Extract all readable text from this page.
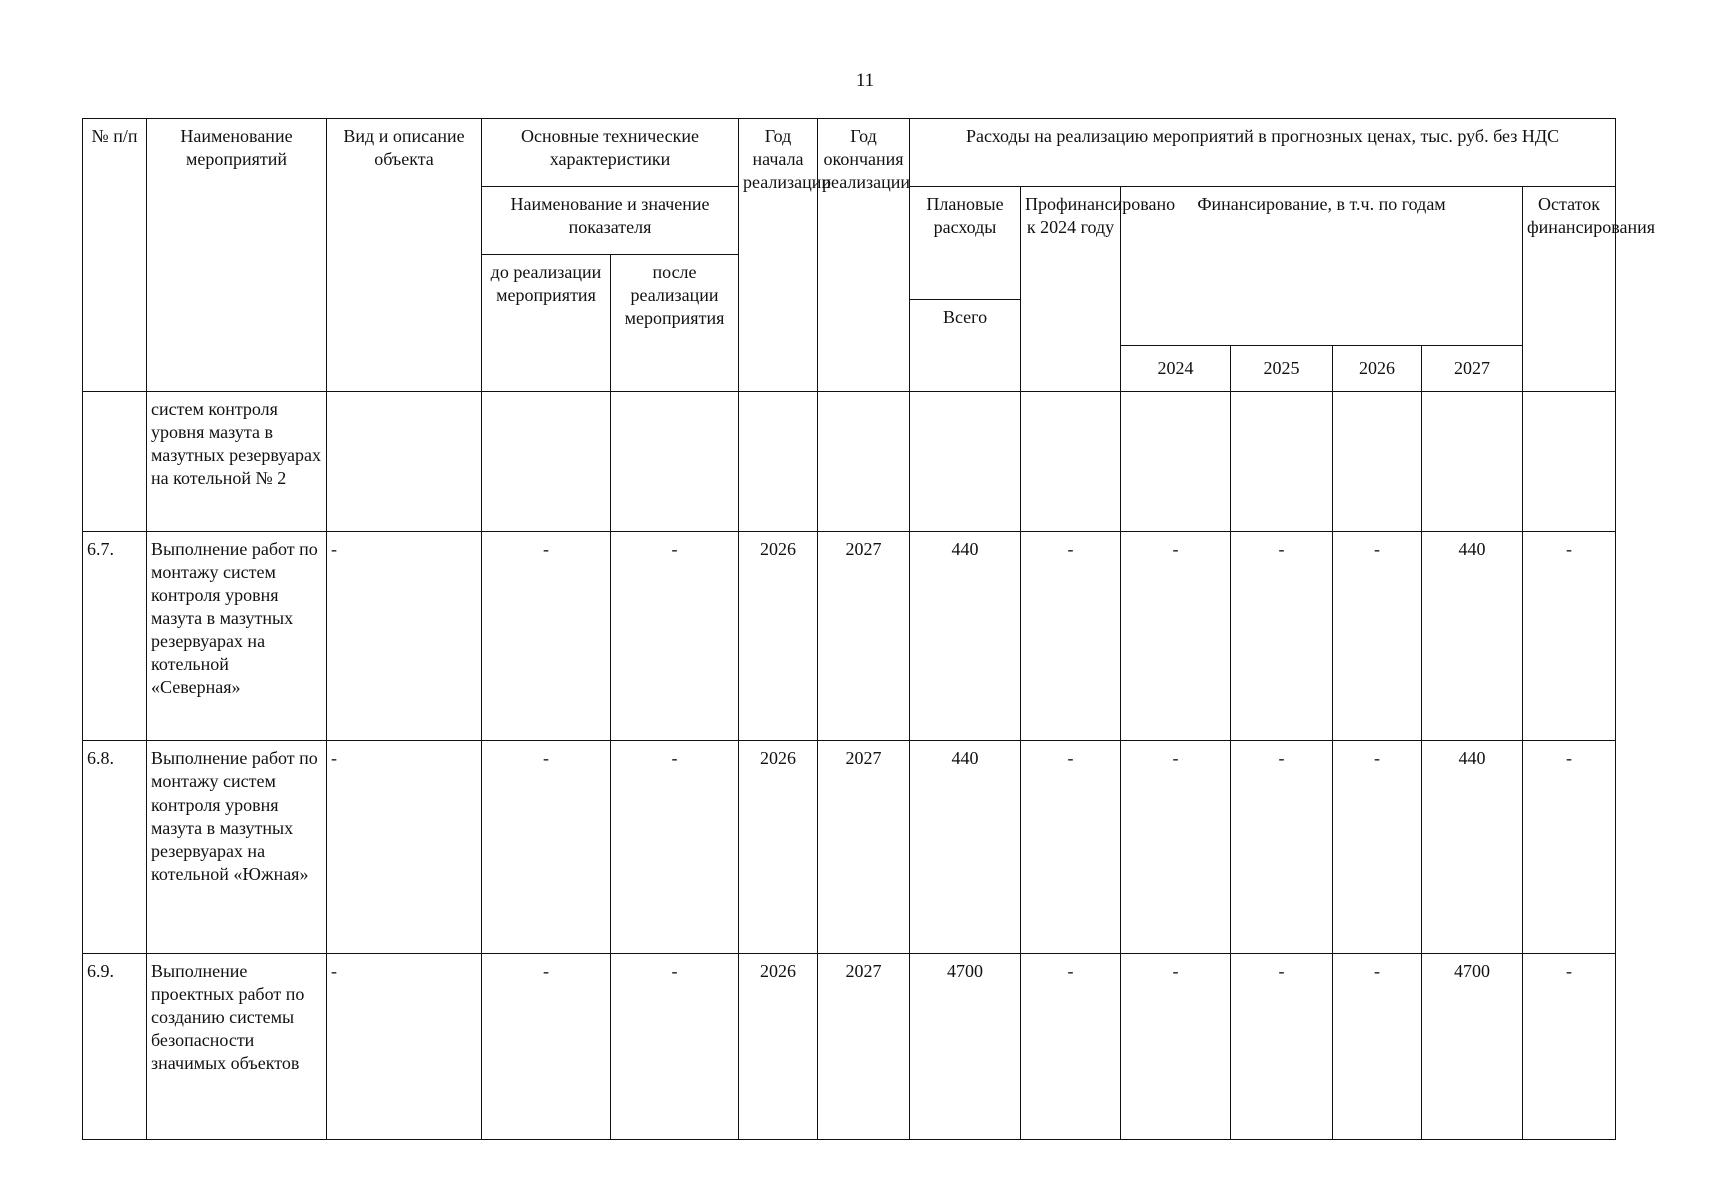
11
№ п/п	Наименование мероприятий	Вид и описание объекта	Основные технические характеристики		Год начала реализации	Год окончания реализации	Расходы на реализацию мероприятий в прогнозных ценах, тыс. руб. без НДС						
			Наименование и значение показателя				Плановые расходы	Профинансировано к 2024 году	Финансирование, в т.ч. по годам				Остаток финансирования
			до реализации мероприятия	после реализации мероприятия									
							Всего						
									2024	2025	2026	2027	
	систем контроля уровня мазута в мазутных резервуарах на котельной № 2												
6.7.	Выполнение работ по монтажу систем контроля уровня мазута в мазутных резервуарах на котельной «Северная»	-	-	-	2026	2027	440	-	-	-	-	440	-
6.8.	Выполнение работ по монтажу систем контроля уровня мазута в мазутных резервуарах на котельной «Южная»	-	-	-	2026	2027	440	-	-	-	-	440	-
6.9.	Выполнение проектных работ по созданию системы безопасности значимых объектов	-	-	-	2026	2027	4700	-	-	-	-	4700	-
